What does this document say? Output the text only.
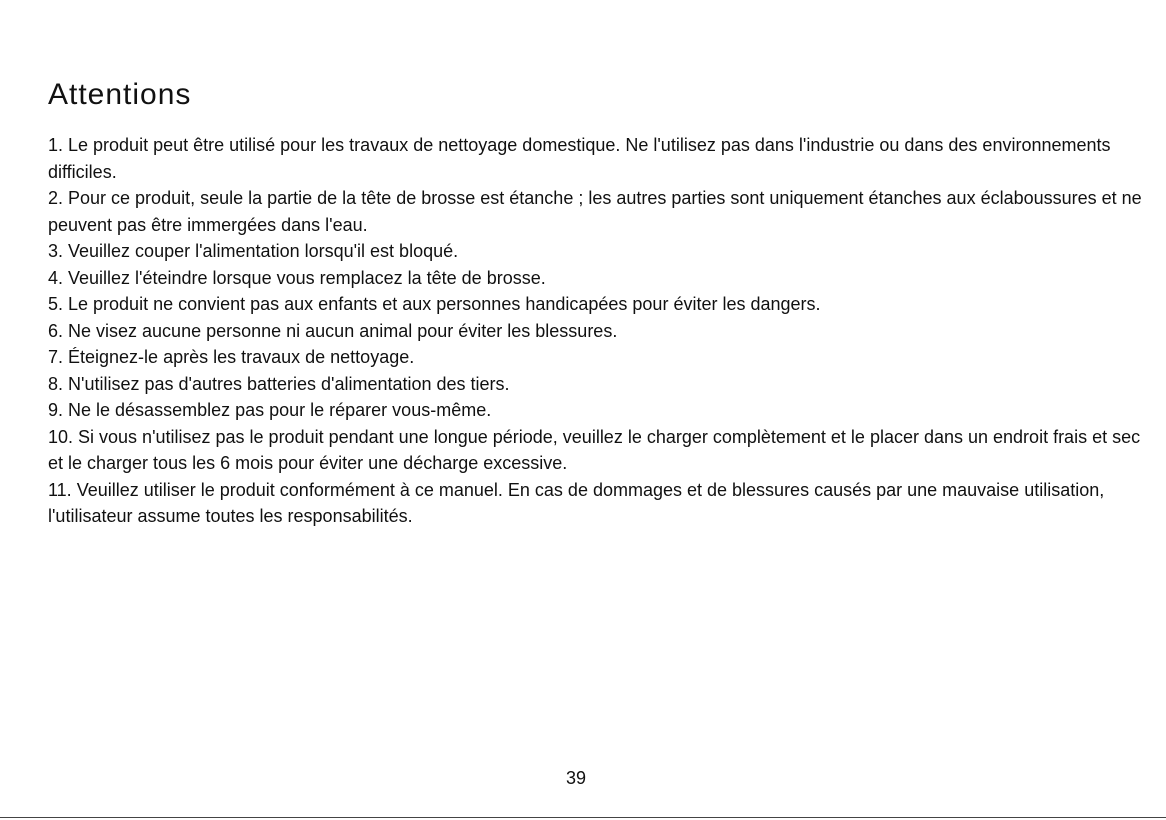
Attentions
1. Le produit peut être utilisé pour les travaux de nettoyage domestique. Ne l'utilisez pas dans l'industrie ou dans des environnements difficiles.
2. Pour ce produit, seule la partie de la tête de brosse est étanche ; les autres parties sont uniquement étanches aux éclaboussures et ne peuvent pas être immergées dans l'eau.
3. Veuillez couper l'alimentation lorsqu'il est bloqué.
4. Veuillez l'éteindre lorsque vous remplacez la tête de brosse.
5. Le produit ne convient pas aux enfants et aux personnes handicapées pour éviter les dangers.
6. Ne visez aucune personne ni aucun animal pour éviter les blessures.
7. Éteignez-le après les travaux de nettoyage.
8. N'utilisez pas d'autres batteries d'alimentation des tiers.
9. Ne le désassemblez pas pour le réparer vous-même.
10. Si vous n'utilisez pas le produit pendant une longue période, veuillez le charger complètement et le placer dans un endroit frais et sec et le charger tous les 6 mois pour éviter une décharge excessive.
11. Veuillez utiliser le produit conformément à ce manuel. En cas de dommages et de blessures causés par une mauvaise utilisation, l'utilisateur assume toutes les responsabilités.
39
